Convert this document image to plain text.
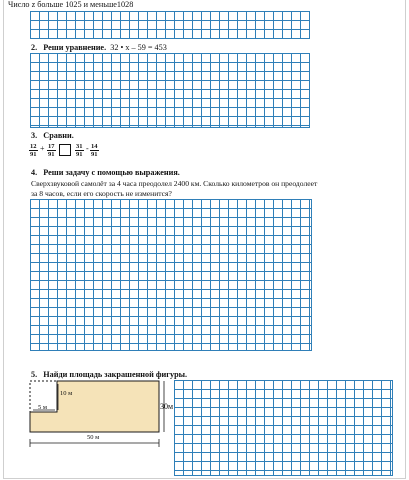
Число z больше 1025 и меньше1028
2. Реши уравнение. 32 • x – 59 = 453
3. Сравни.
$\frac{12}{91} + \frac{17}{91}$	$\frac{31}{91} - \frac{14}{91}$
4. Реши задачу с помощью выражения.
Сверхзвуковой самолёт за 4 часа преодолел 2400 км. Сколько километров он преодолеет
за 8 часов, если его скорость не изменится?
5. Найди площадь закрашенной фигуры.
10 м
5 м	30м
50 м
